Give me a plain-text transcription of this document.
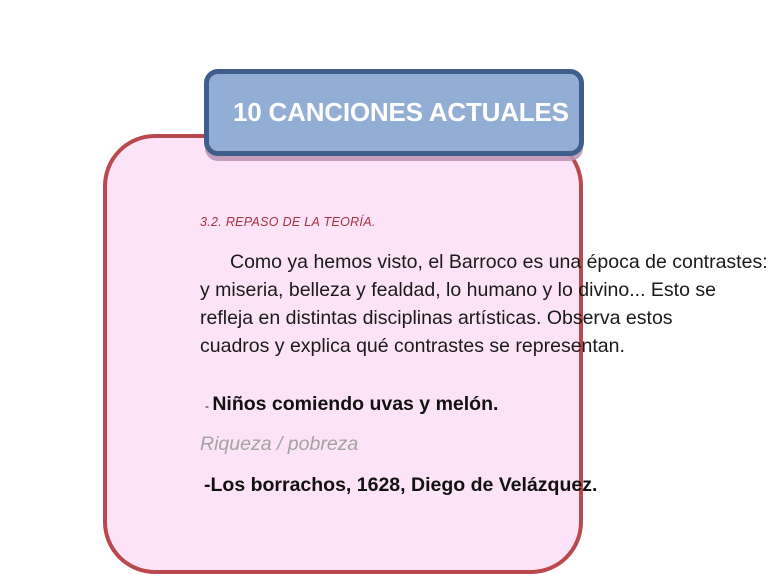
10 CANCIONES ACTUALES
3.2. REPASO DE LA TEORÍA.
Como ya hemos visto, el Barroco es una época de contrastes:
y miseria, belleza y fealdad, lo humano y lo divino... Esto se
refleja en distintas disciplinas artísticas. Observa estos
cuadros y explica qué contrastes se representan.
- Niños comiendo uvas y melón.
Riqueza / pobreza
-Los borrachos, 1628, Diego de Velázquez.
